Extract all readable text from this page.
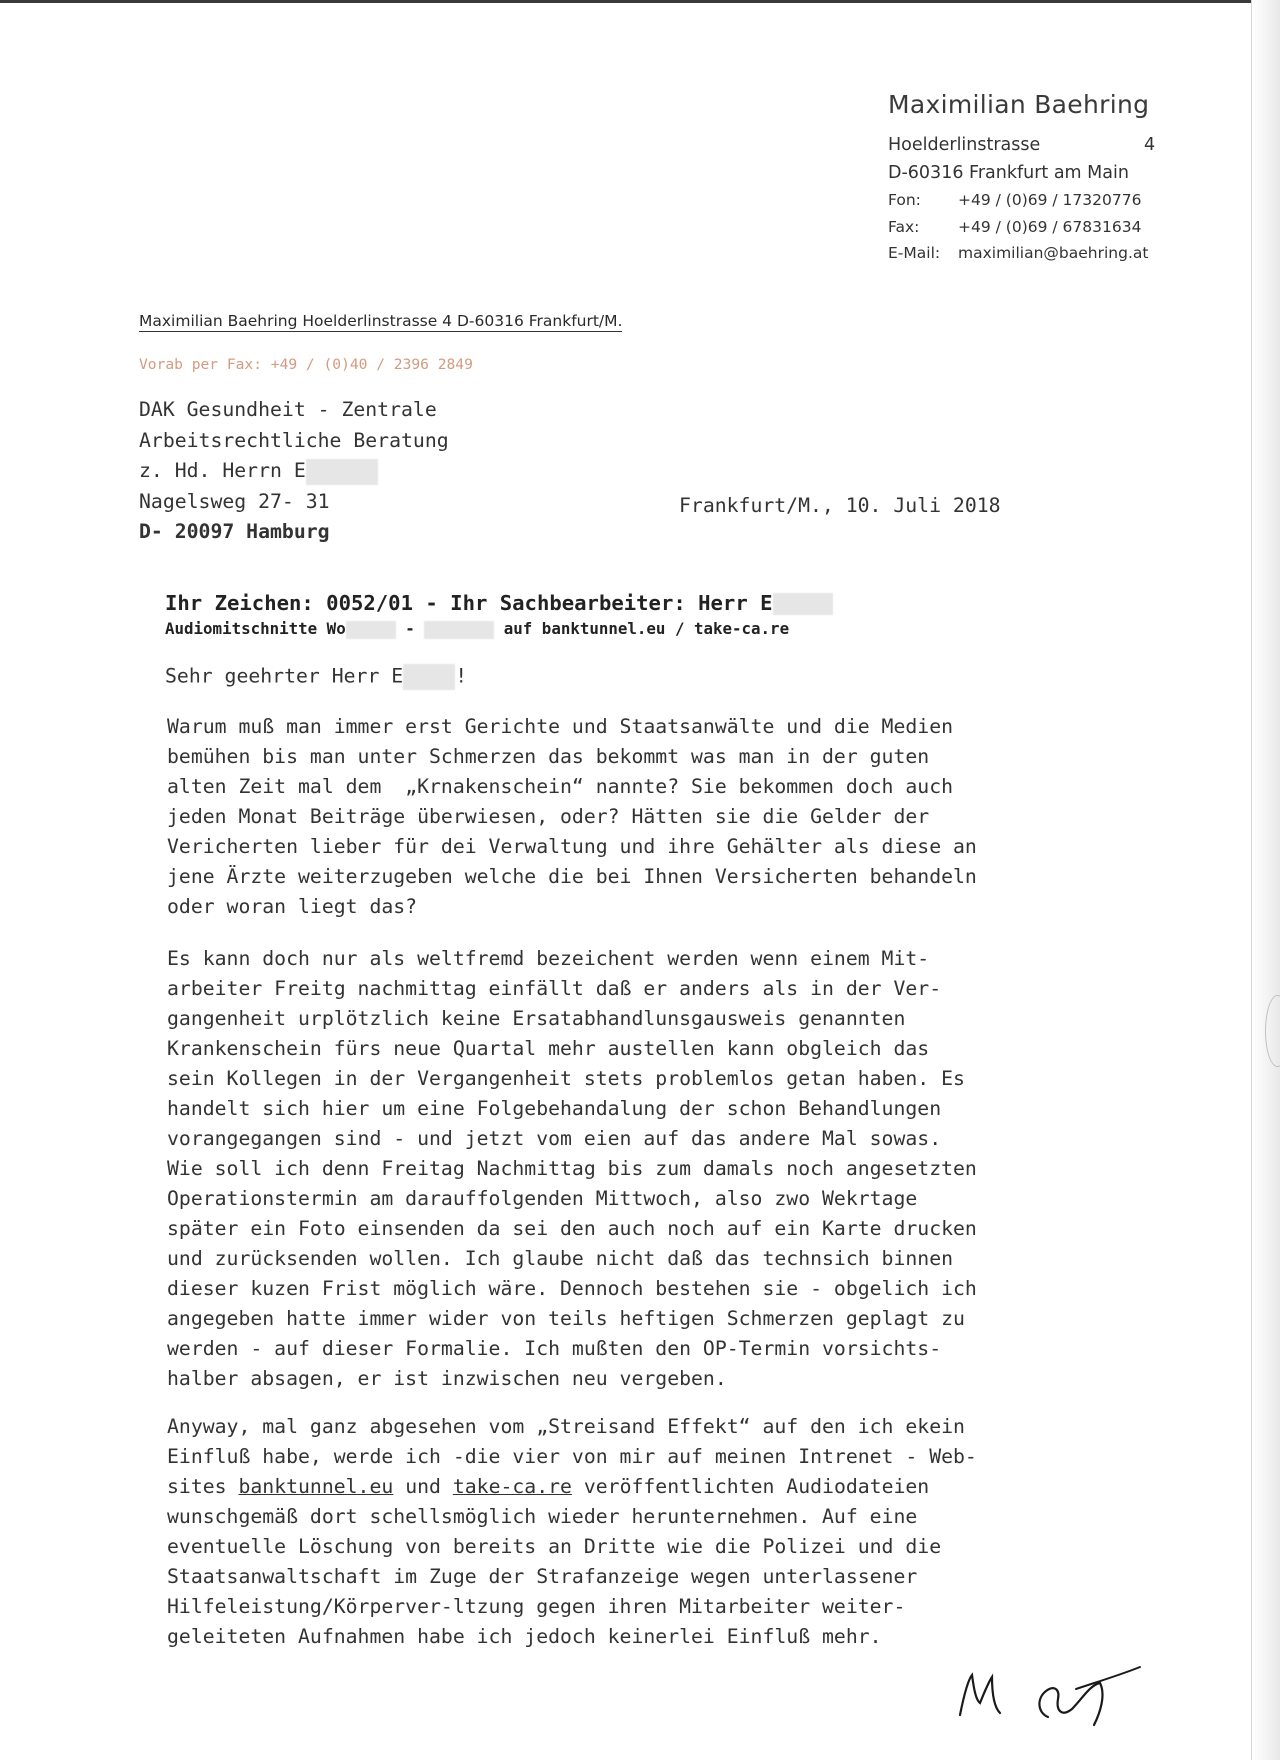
Maximilian Baehring
Hoelderlinstrasse	4
D-60316 Frankfurt am Main
Fon: +49 / (0)69 / 17320776
Fax: +49 / (0)69 / 67831634
E-Mail: maximilian@baehring.at
Maximilian Baehring Hoelderlinstrasse 4 D-60316 Frankfurt/M.
Vorab per Fax: +49 / (0)40 / 2396 2849
DAK Gesundheit - Zentrale
Arbeitsrechtliche Beratung
z. Hd. Herrn E
Nagelsweg 27- 31
D- 20097 Hamburg
Frankfurt/M., 10. Juli 2018
Ihr Zeichen: 0052/01 - Ihr Sachbearbeiter: Herr E
Audiomitschnitte Wo	-	auf banktunnel.eu / take-ca.re
Sehr geehrter Herr E	!
Warum muß man immer erst Gerichte und Staatsanwälte und die Medien
bemühen bis man unter Schmerzen das bekommt was man in der guten
alten Zeit mal dem  „Krnakenschein“ nannte? Sie bekommen doch auch
jeden Monat Beiträge überwiesen, oder? Hätten sie die Gelder der
Vericherten lieber für dei Verwaltung und ihre Gehälter als diese an
jene Ärzte weiterzugeben welche die bei Ihnen Versicherten behandeln
oder woran liegt das?
Es kann doch nur als weltfremd bezeichent werden wenn einem Mit-
arbeiter Freitg nachmittag einfällt daß er anders als in der Ver-
gangenheit urplötzlich keine Ersatabhandlunsgausweis genannten
Krankenschein fürs neue Quartal mehr austellen kann obgleich das
sein Kollegen in der Vergangenheit stets problemlos getan haben. Es
handelt sich hier um eine Folgebehandalung der schon Behandlungen
vorangegangen sind - und jetzt vom eien auf das andere Mal sowas.
Wie soll ich denn Freitag Nachmittag bis zum damals noch angesetzten
Operationstermin am darauffolgenden Mittwoch, also zwo Wekrtage
später ein Foto einsenden da sei den auch noch auf ein Karte drucken
und zurücksenden wollen. Ich glaube nicht daß das technsich binnen
dieser kuzen Frist möglich wäre. Dennoch bestehen sie - obgelich ich
angegeben hatte immer wider von teils heftigen Schmerzen geplagt zu
werden - auf dieser Formalie. Ich mußten den OP-Termin vorsichts-
halber absagen, er ist inzwischen neu vergeben.
Anyway, mal ganz abgesehen vom „Streisand Effekt“ auf den ich ekein
Einfluß habe, werde ich -die vier von mir auf meinen Intrenet - Web-
sites banktunnel.eu und take-ca.re veröffentlichten Audiodateien
wunschgemäß dort schellsmöglich wieder herunternehmen. Auf eine
eventuelle Löschung von bereits an Dritte wie die Polizei und die
Staatsanwaltschaft im Zuge der Strafanzeige wegen unterlassener
Hilfeleistung/Körperver-ltzung gegen ihren Mitarbeiter weiter-
geleiteten Aufnahmen habe ich jedoch keinerlei Einfluß mehr.
